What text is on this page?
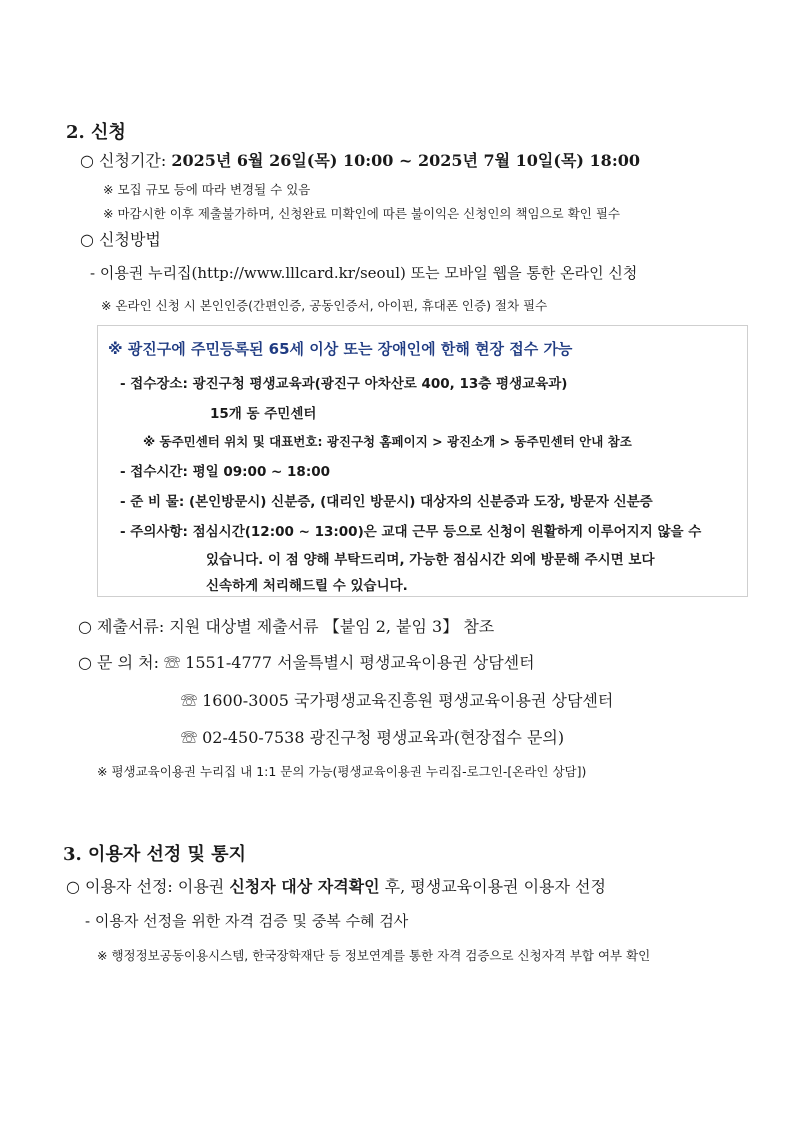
2. 신청
○ 신청기간: 2025년 6월 26일(목) 10:00 ~ 2025년 7월 10일(목) 18:00
※ 모집 규모 등에 따라 변경될 수 있음
※ 마감시한 이후 제출불가하며, 신청완료 미확인에 따른 불이익은 신청인의 책임으로 확인 필수
○ 신청방법
- 이용권 누리집(http://www.lllcard.kr/seoul) 또는 모바일 웹을 통한 온라인 신청
※ 온라인 신청 시 본인인증(간편인증, 공동인증서, 아이핀, 휴대폰 인증) 절차 필수
※ 광진구에 주민등록된 65세 이상 또는 장애인에 한해 현장 접수 가능
- 접수장소: 광진구청 평생교육과(광진구 아차산로 400, 13층 평생교육과)
15개 동 주민센터
※ 동주민센터 위치 및 대표번호: 광진구청 홈페이지 > 광진소개 > 동주민센터 안내 참조
- 접수시간: 평일 09:00 ~ 18:00
- 준 비 물: (본인방문시) 신분증, (대리인 방문시) 대상자의 신분증과 도장, 방문자 신분증
- 주의사항: 점심시간(12:00 ~ 13:00)은 교대 근무 등으로 신청이 원활하게 이루어지지 않을 수
있습니다. 이 점 양해 부탁드리며, 가능한 점심시간 외에 방문해 주시면 보다
신속하게 처리해드릴 수 있습니다.
○ 제출서류: 지원 대상별 제출서류 【붙임 2, 붙임 3】 참조
○ 문 의 처: ☏ 1551-4777 서울특별시 평생교육이용권 상담센터
☏ 1600-3005 국가평생교육진흥원 평생교육이용권 상담센터
☏ 02-450-7538 광진구청 평생교육과(현장접수 문의)
※ 평생교육이용권 누리집 내 1:1 문의 가능(평생교육이용권 누리집-로그인-[온라인 상담])
3. 이용자 선정 및 통지
○ 이용자 선정: 이용권 신청자 대상 자격확인 후, 평생교육이용권 이용자 선정
- 이용자 선정을 위한 자격 검증 및 중복 수혜 검사
※ 행정정보공동이용시스템, 한국장학재단 등 정보연계를 통한 자격 검증으로 신청자격 부합 여부 확인
